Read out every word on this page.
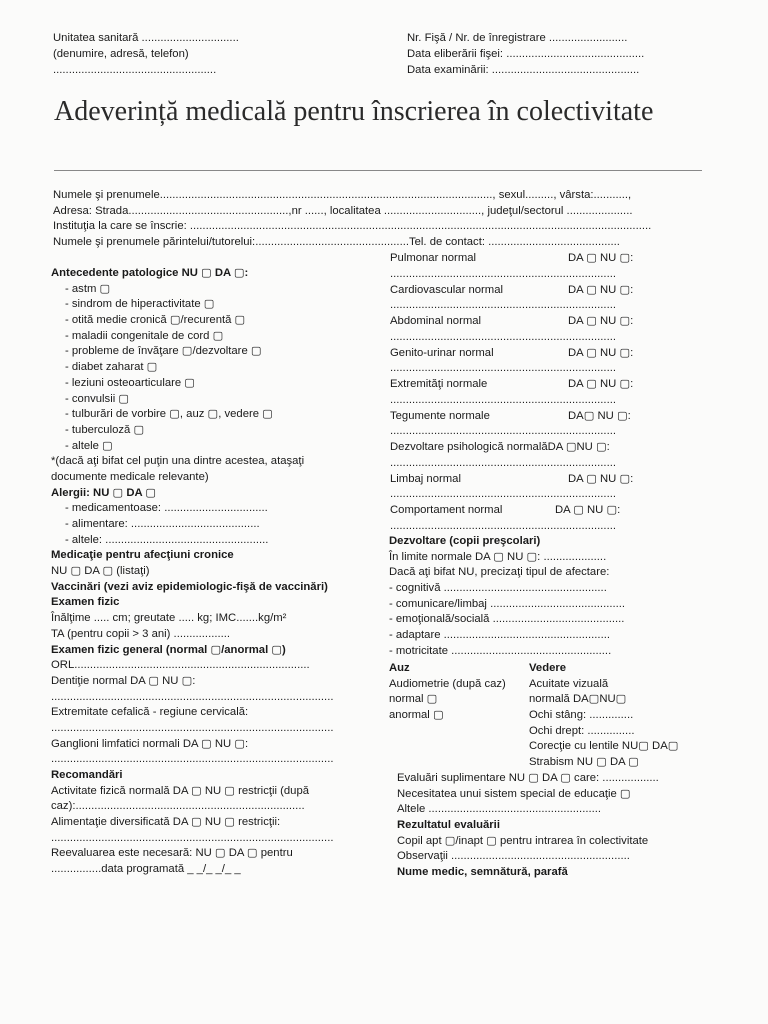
Unitatea sanitară ...............................
(denumire, adresă, telefon)
....................................................
Nr. Fişă / Nr. de înregistrare .........................
Data eliberării fişei: ............................................
Data examinării: ...............................................
Adeverință medicală pentru înscrierea în colectivitate
Numele şi prenumele.........................................................................................................., sexul........., vârsta:...........,
Adresa: Strada...................................................,nr ......, localitatea ..............................., judeţul/sectorul .....................
Instituţia la care se înscrie: ...................................................................................................................................................
Numele şi prenumele părintelui/tutorelui:.................................................Tel. de contact: ..........................................
Antecedente patologice NU ▢ DA ▢:
- astm ▢
- sindrom de hiperactivitate ▢
- otită medie cronică ▢/recurentă ▢
- maladii congenitale de cord ▢
- probleme de învăţare ▢/dezvoltare ▢
- diabet zaharat ▢
- leziuni osteoarticulare ▢
- convulsii ▢
- tulburări de vorbire ▢, auz ▢, vedere ▢
- tuberculoză ▢
- altele ▢
*(dacă aţi bifat cel puţin una dintre acestea, ataşaţi
documente medicale relevante)
Alergii: NU ▢ DA ▢
- medicamentoase: .................................
- alimentare: .........................................
- altele: ....................................................
Medicaţie pentru afecţiuni cronice
NU ▢ DA ▢ (listaţi)
Vaccinări (vezi aviz epidemiologic-fişă de vaccinări)
Examen fizic
Înălţime ..... cm; greutate ..... kg; IMC.......kg/m²
TA (pentru copii > 3 ani) ..................
Examen fizic general (normal ▢/anormal ▢)
ORL...........................................................................
Dentiţie normal DA ▢ NU ▢:
..........................................................................................
Extremitate cefalică - regiune cervicală:
..........................................................................................
Ganglioni limfatici normali DA ▢ NU ▢:
..........................................................................................
Recomandări
Activitate fizică normală DA ▢ NU ▢ restricţii (după
caz):.........................................................................
Alimentaţie diversificată DA ▢ NU ▢ restricţii:
..........................................................................................
Reevaluarea este necesară: NU ▢ DA ▢ pentru
................data programată _ _/_ _/_ _
Pulmonar normal	DA ▢ NU ▢:
........................................................................
Cardiovascular normal	DA ▢ NU ▢:
........................................................................
Abdominal normal	DA ▢ NU ▢:
........................................................................
Genito-urinar normal	DA ▢ NU ▢:
........................................................................
Extremităţi normale	DA ▢ NU ▢:
........................................................................
Tegumente normale	DA▢ NU ▢:
........................................................................
Dezvoltare psihologică normalăDA ▢NU ▢:
........................................................................
Limbaj normal	DA ▢ NU ▢:
........................................................................
Comportament normal	DA ▢ NU ▢:
........................................................................
Dezvoltare (copii preşcolari)
În limite normale DA ▢ NU ▢: ....................
Dacă aţi bifat NU, precizaţi tipul de afectare:
- cognitivă ....................................................
- comunicare/limbaj ...........................................
- emoţională/socială ..........................................
- adaptare .....................................................
- motricitate ...................................................
Auz
Audiometrie (după caz)
normal ▢
anormal ▢
Vedere
Acuitate vizuală
normală DA▢NU▢
Ochi stâng: ..............
Ochi drept: ...............
Corecţie cu lentile NU▢ DA▢
Strabism NU ▢ DA ▢
Evaluări suplimentare NU ▢ DA ▢ care: ..................
Necesitatea unui sistem special de educaţie ▢
Altele .......................................................
Rezultatul evaluării
Copil apt ▢/inapt ▢ pentru intrarea în colectivitate
Observaţii .........................................................
Nume medic, semnătură, parafă
